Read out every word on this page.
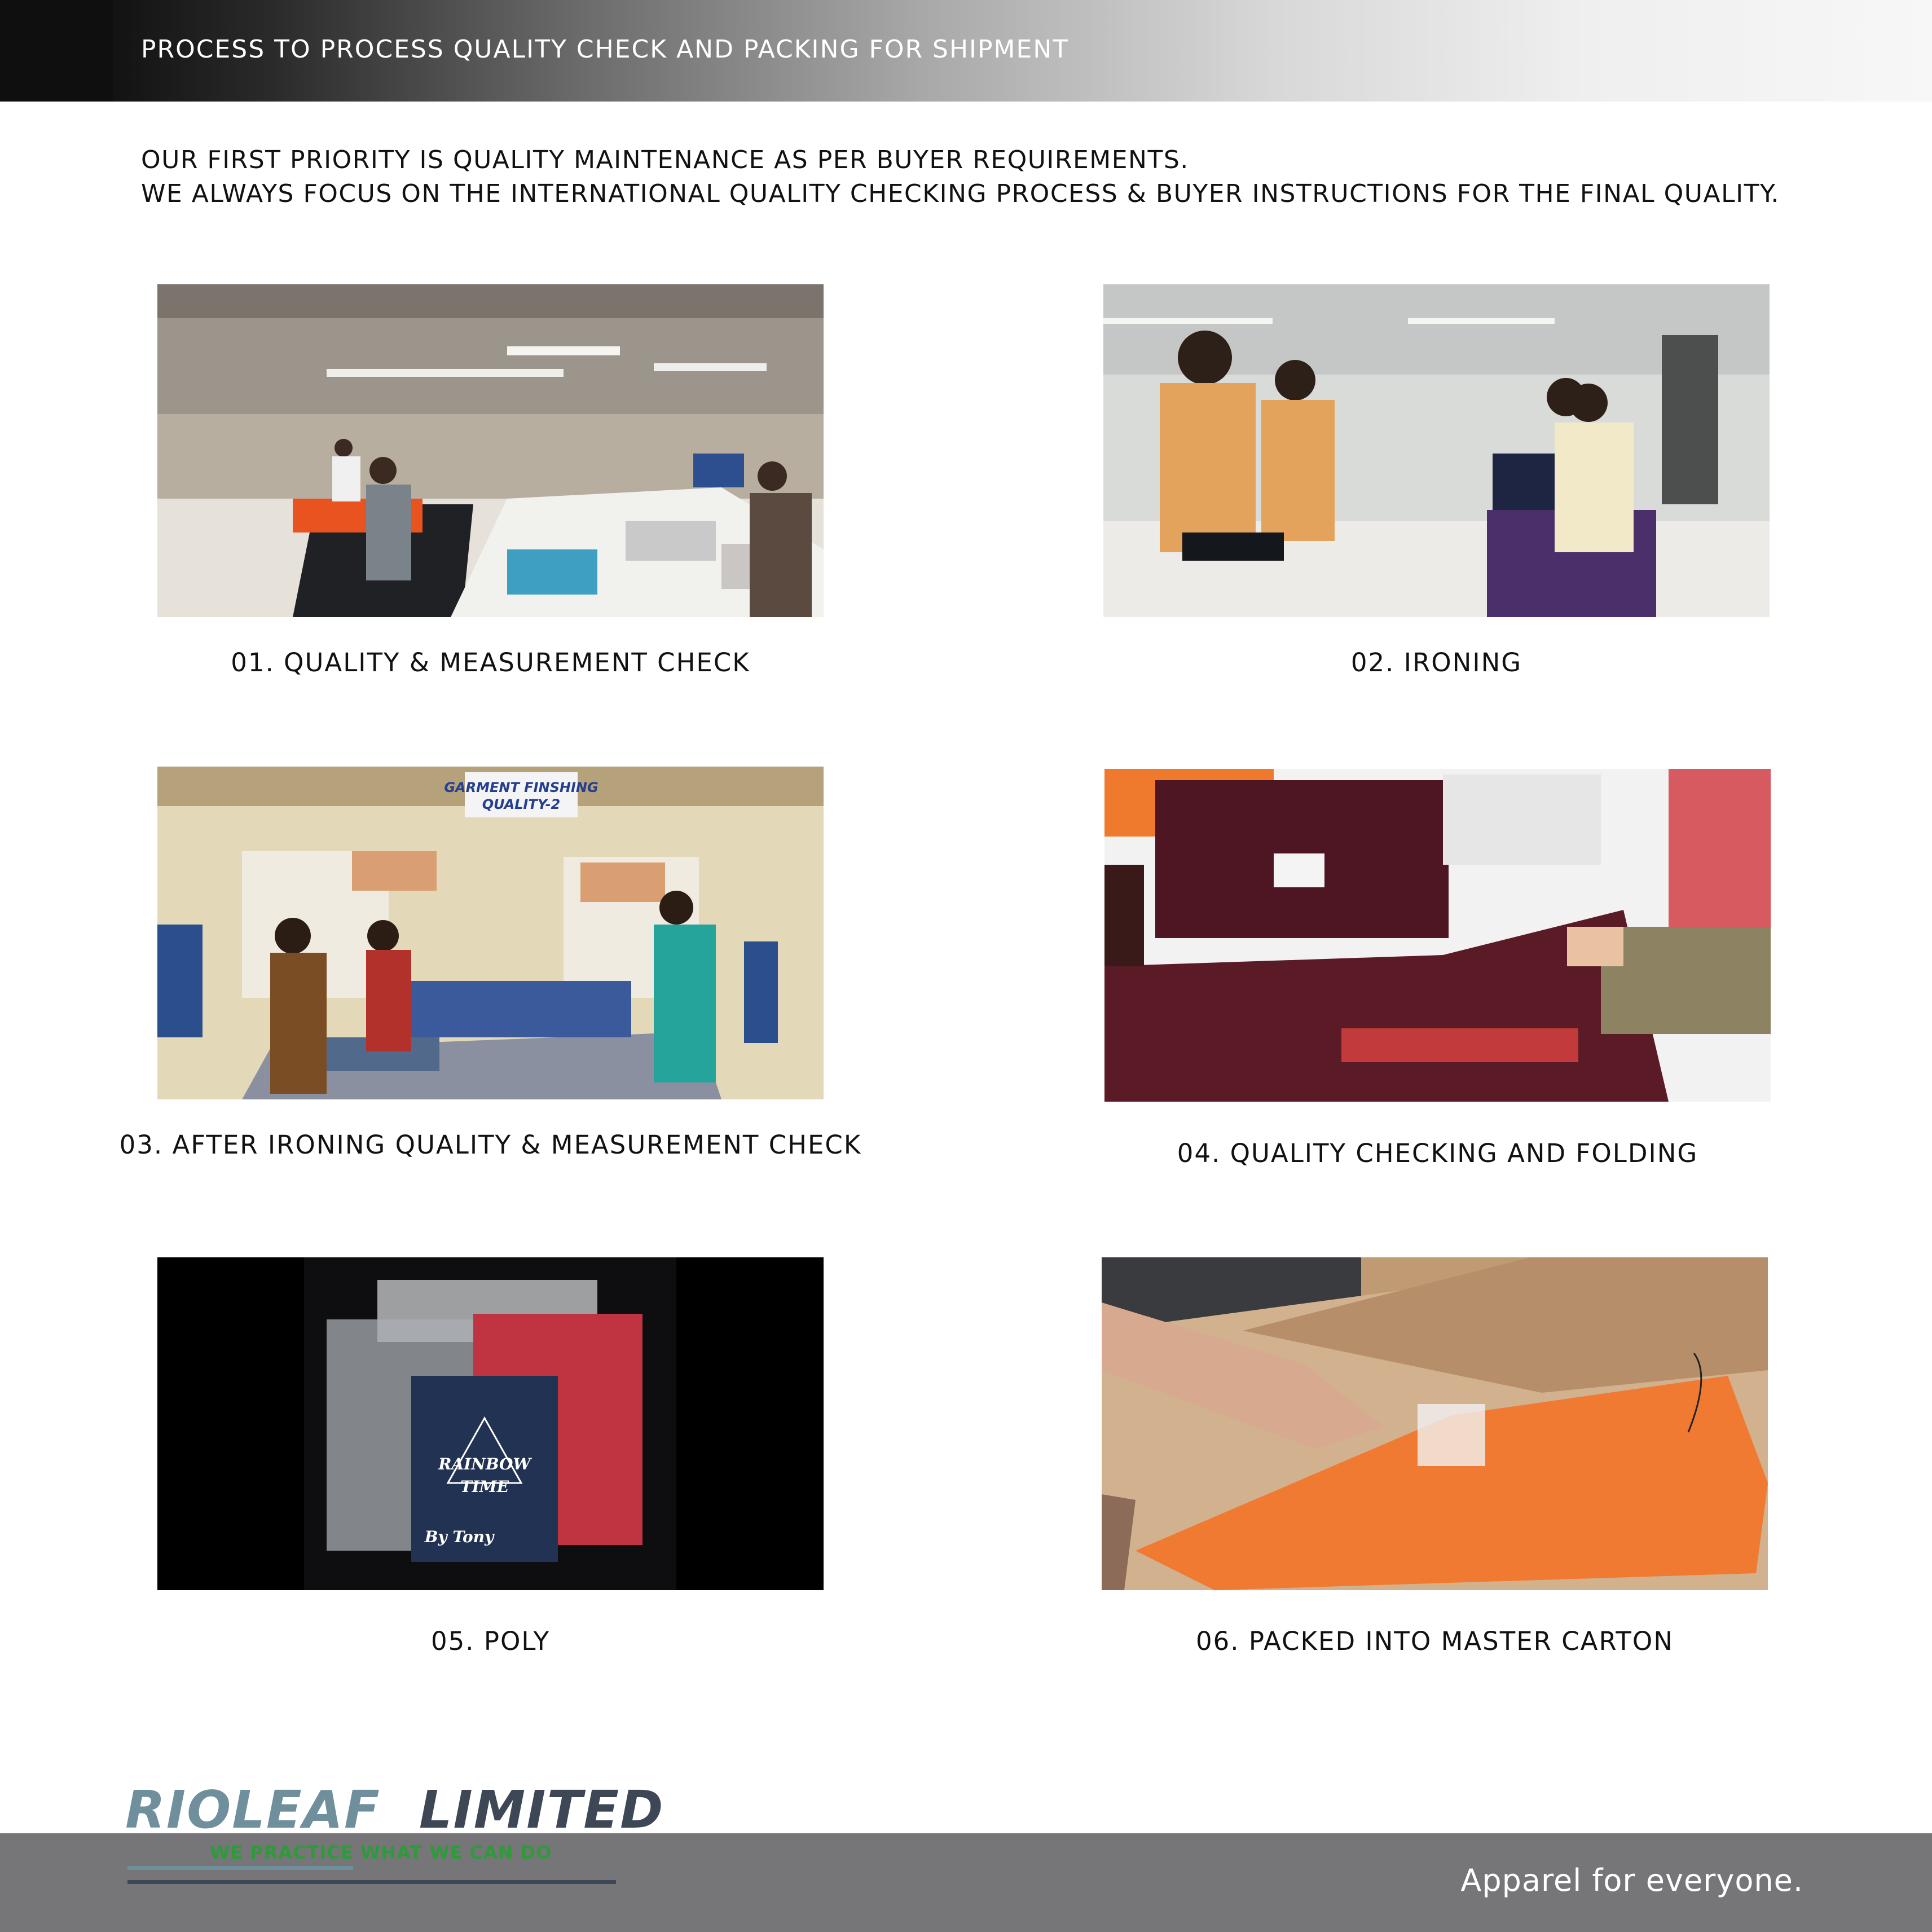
PROCESS TO PROCESS QUALITY CHECK AND PACKING FOR SHIPMENT
OUR FIRST PRIORITY IS QUALITY MAINTENANCE AS PER BUYER REQUIREMENTS.
WE ALWAYS FOCUS ON THE INTERNATIONAL QUALITY CHECKING PROCESS & BUYER INSTRUCTIONS FOR THE FINAL QUALITY.
01. QUALITY & MEASUREMENT CHECK	02. IRONING
GARMENT FINSHING
QUALITY-2
03. AFTER IRONING QUALITY & MEASUREMENT CHECK	04. QUALITY CHECKING AND FOLDING
RAINBOW
TIME
By Tony
05. POLY	06. PACKED INTO MASTER CARTON
RIOLEAF LIMITED
WE PRACTICE WHAT WE CAN DO
Apparel for everyone.
